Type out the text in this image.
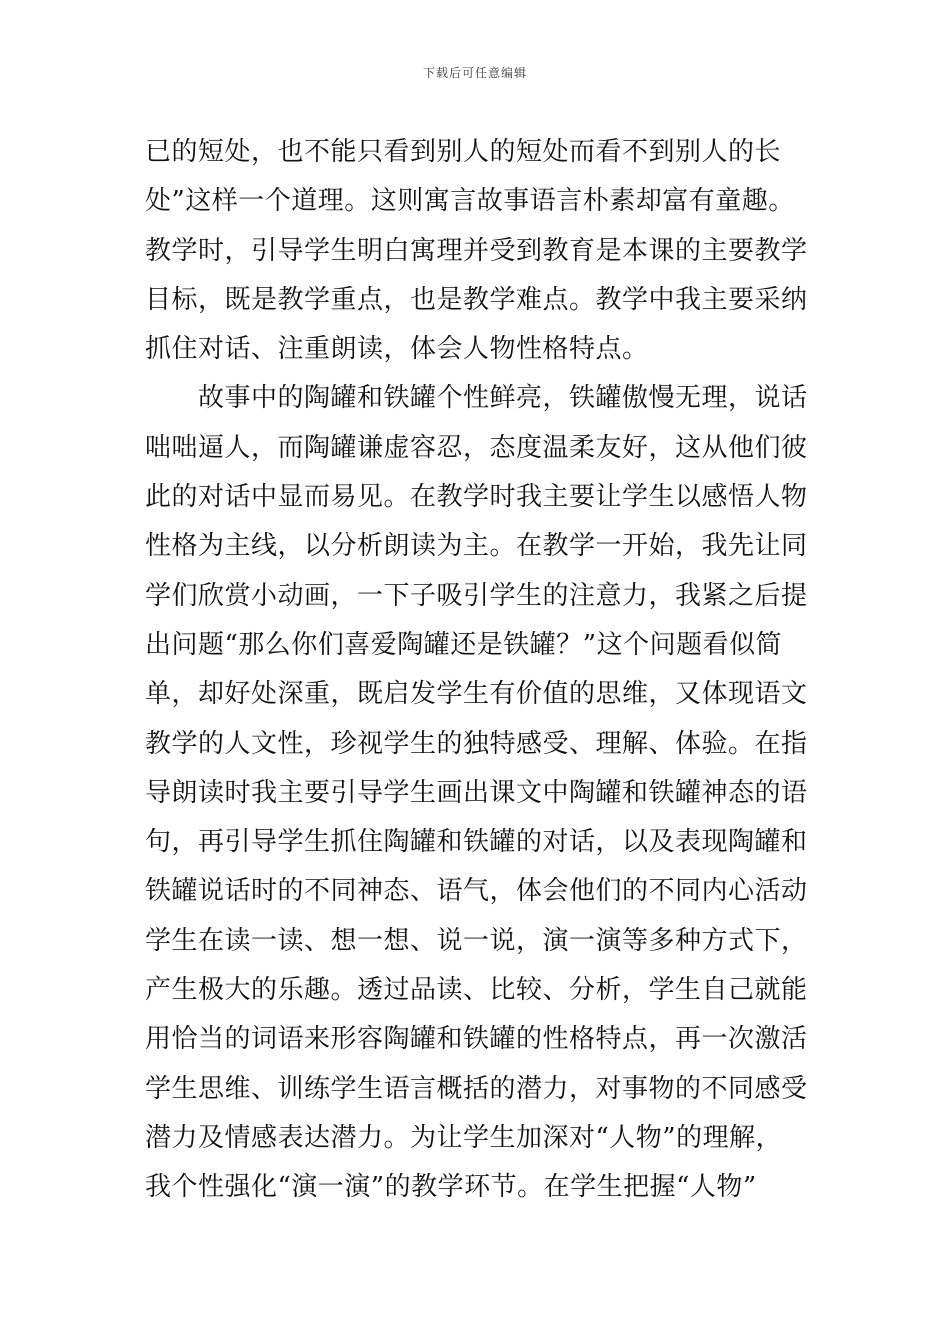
下载后可任意编辑
已的短处，也不能只看到别人的短处而看不到别人的长
处”这样一个道理。这则寓言故事语言朴素却富有童趣。
教学时，引导学生明白寓理并受到教育是本课的主要教学
目标，既是教学重点，也是教学难点。教学中我主要采纳
抓住对话、注重朗读，体会人物性格特点。
　　故事中的陶罐和铁罐个性鲜亮，铁罐傲慢无理，说话
咄咄逼人，而陶罐谦虚容忍，态度温柔友好，这从他们彼
此的对话中显而易见。在教学时我主要让学生以感悟人物
性格为主线，以分析朗读为主。在教学一开始，我先让同
学们欣赏小动画，一下子吸引学生的注意力，我紧之后提
出问题“那么你们喜爱陶罐还是铁罐？”这个问题看似简
单，却好处深重，既启发学生有价值的思维，又体现语文
教学的人文性，珍视学生的独特感受、理解、体验。在指
导朗读时我主要引导学生画出课文中陶罐和铁罐神态的语
句，再引导学生抓住陶罐和铁罐的对话，以及表现陶罐和
铁罐说话时的不同神态、语气，体会他们的不同内心活动
学生在读一读、想一想、说一说，演一演等多种方式下，
产生极大的乐趣。透过品读、比较、分析，学生自己就能
用恰当的词语来形容陶罐和铁罐的性格特点，再一次激活
学生思维、训练学生语言概括的潜力，对事物的不同感受
潜力及情感表达潜力。为让学生加深对“人物”的理解，
我个性强化“演一演”的教学环节。在学生把握“人物”
